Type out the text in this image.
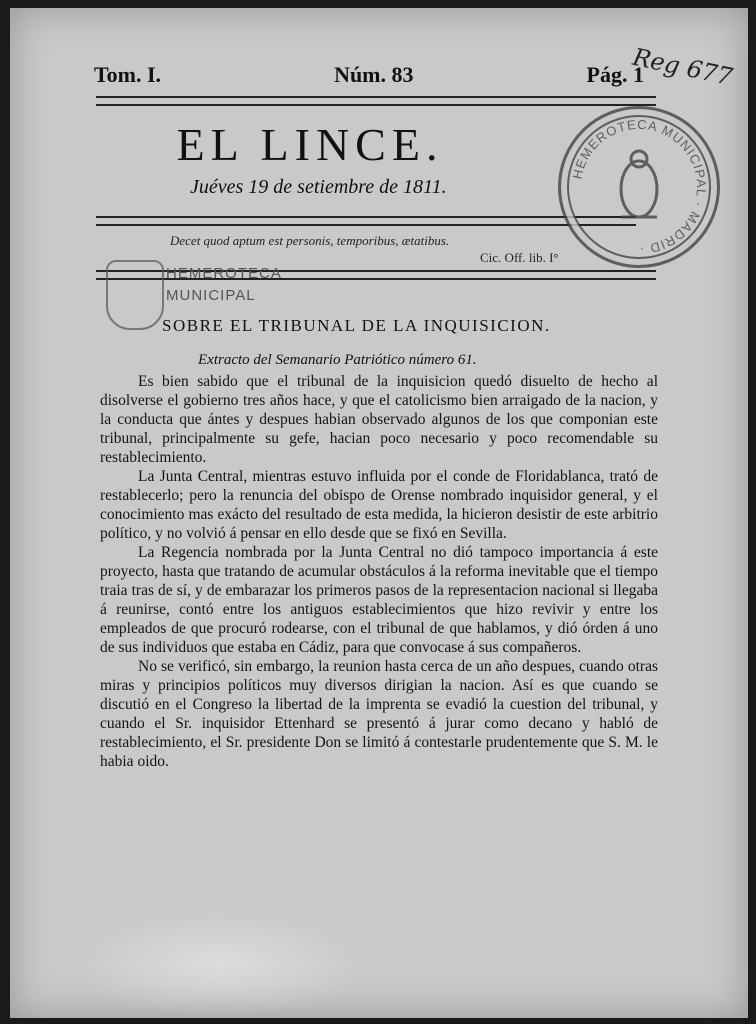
Tom. I.	Núm. 83	Pág. 1
Reg 677
EL LINCE.
Juéves 19 de setiembre de 1811.
Decet quod aptum est personis, temporibus, ætatibus.
Cic. Off. lib. I°
HEMEROTECA MUNICIPAL · MADRID ·
HEMEROTECA
MUNICIPAL
SOBRE EL TRIBUNAL DE LA INQUISICION.
Extracto del Semanario Patriótico número 61.

Es bien sabido que el tribunal de la inquisicion quedó disuelto de hecho al disolverse el gobierno tres años hace, y que el catolicismo bien arraigado de la nacion, y la conducta que ántes y despues habian observado algunos de los que componian este tribunal, principalmente su gefe, hacian poco necesario y poco recomendable su restablecimiento.

La Junta Central, mientras estuvo influida por el conde de Floridablanca, trató de restablecerlo; pero la renuncia del obispo de Orense nombrado inquisidor general, y el conocimiento mas exácto del resultado de esta medida, la hicieron desistir de este arbitrio político, y no volvió á pensar en ello desde que se fixó en Sevilla.

La Regencia nombrada por la Junta Central no dió tampoco importancia á este proyecto, hasta que tratando de acumular obstáculos á la reforma inevitable que el tiempo traia tras de sí, y de embarazar los primeros pasos de la representacion nacional si llegaba á reunirse, contó entre los antiguos establecimientos que hizo revivir y entre los empleados de que procuró rodearse, con el tribunal de que hablamos, y dió órden á uno de sus individuos que estaba en Cádiz, para que convocase á sus compañeros.

No se verificó, sin embargo, la reunion hasta cerca de un año despues, cuando otras miras y principios políticos muy diversos dirigian la nacion. Así es que cuando se discutió en el Congreso la libertad de la imprenta se evadió la cuestion del tribunal, y cuando el Sr. inquisidor Ettenhard se presentó á jurar como decano y habló de restablecimiento, el Sr. presidente Don se limitó á contestarle prudentemente que S. M. le habia oido.
